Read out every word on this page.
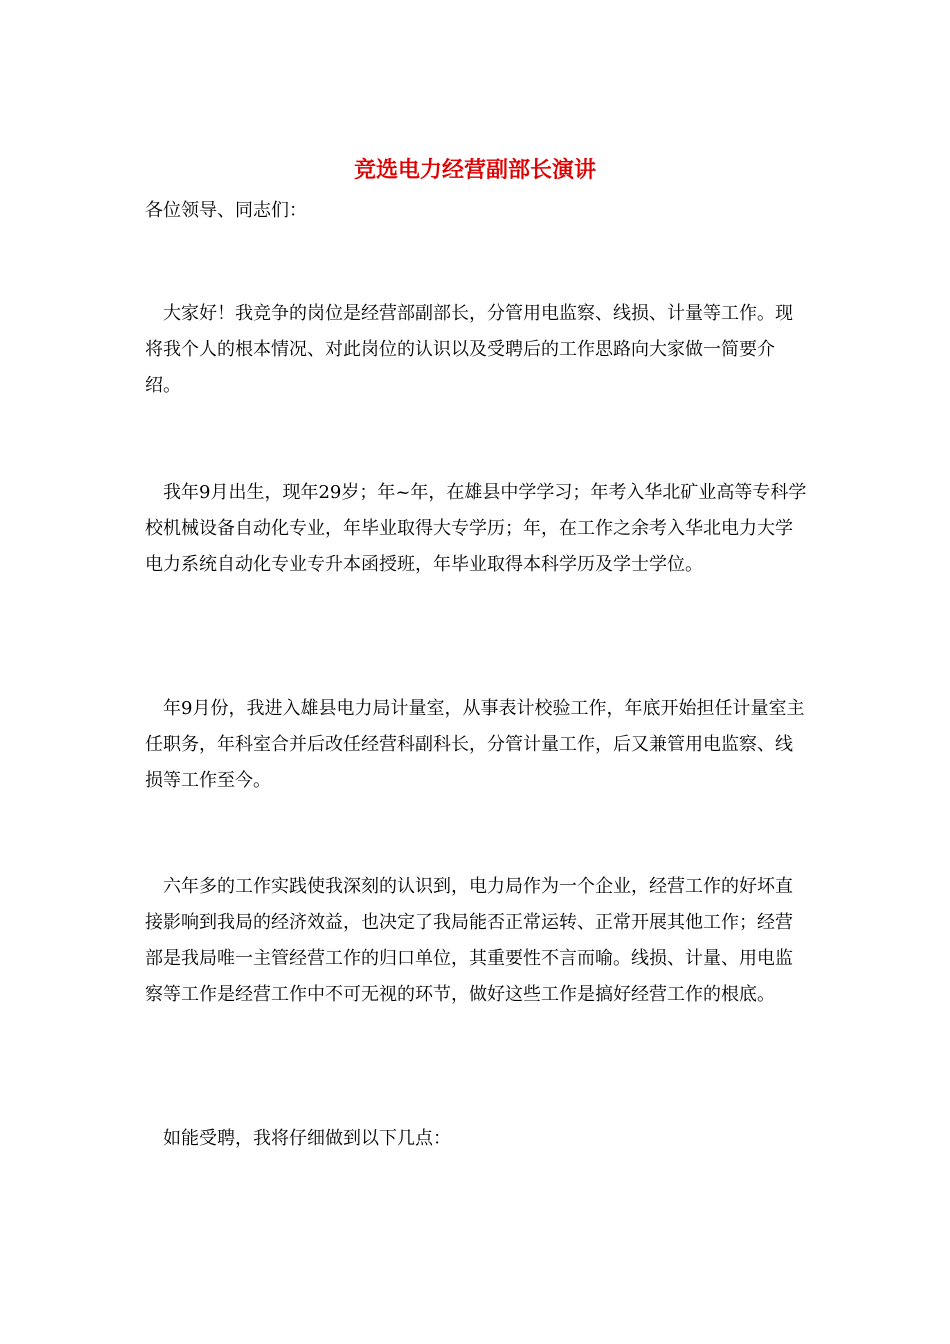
竞选电力经营副部长演讲

各位领导、同志们：

大家好！我竞争的岗位是经营部副部长，分管用电监察、线损、计量等工作。现将我个人的根本情况、对此岗位的认识以及受聘后的工作思路向大家做一简要介绍。

我年9月出生，现年29岁；年~年，在雄县中学学习；年考入华北矿业高等专科学校机械设备自动化专业，年毕业取得大专学历；年，在工作之余考入华北电力大学电力系统自动化专业专升本函授班，年毕业取得本科学历及学士学位。

年9月份，我进入雄县电力局计量室，从事表计校验工作，年底开始担任计量室主任职务，年科室合并后改任经营科副科长，分管计量工作，后又兼管用电监察、线损等工作至今。

六年多的工作实践使我深刻的认识到，电力局作为一个企业，经营工作的好坏直接影响到我局的经济效益，也决定了我局能否正常运转、正常开展其他工作；经营部是我局唯一主管经营工作的归口单位，其重要性不言而喻。线损、计量、用电监察等工作是经营工作中不可无视的环节，做好这些工作是搞好经营工作的根底。

如能受聘，我将仔细做到以下几点：
